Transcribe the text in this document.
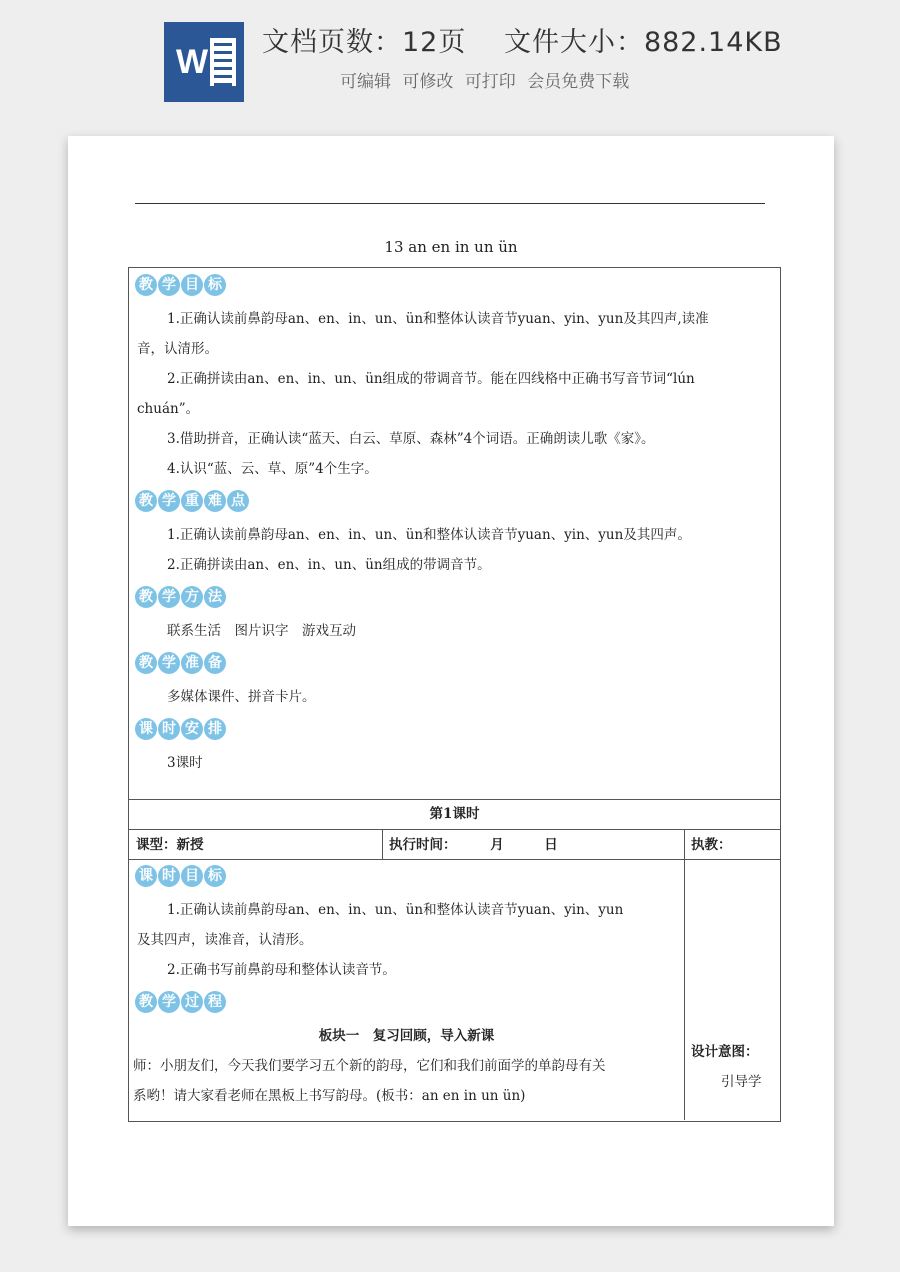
W
文档页数：12页　 文件大小：882.14KB
可编辑 可修改 可打印 会员免费下载
13 an en in un ün
教 学 目 标
1.正确认读前鼻韵母an、en、in、un、ün和整体认读音节yuan、yin、yun及其四声,读准
音，认清形。
2.正确拼读由an、en、in、un、ün组成的带调音节。能在四线格中正确书写音节词“lún
chuán”。
3.借助拼音，正确认读“蓝天、白云、草原、森林”4个词语。正确朗读儿歌《家》。
4.认识“蓝、云、草、原”4个生字。
教 学 重 难 点
1.正确认读前鼻韵母an、en、in、un、ün和整体认读音节yuan、yin、yun及其四声。
2.正确拼读由an、en、in、un、ün组成的带调音节。
教 学 方 法
联系生活　图片识字　游戏互动
教 学 准 备
多媒体课件、拼音卡片。
课 时 安 排
3课时
第1课时
课型：新授	执行时间：　　　月　　　日	执教：
课 时 目 标
1.正确认读前鼻韵母an、en、in、un、ün和整体认读音节yuan、yin、yun
及其四声，读准音，认清形。
2.正确书写前鼻韵母和整体认读音节。
教 学 过 程
板块一　复习回顾，导入新课
师：小朋友们，今天我们要学习五个新的韵母，它们和我们前面学的单韵母有关
系哟！请大家看老师在黑板上书写韵母。(板书：an en in un ün)
设计意图：
引导学
